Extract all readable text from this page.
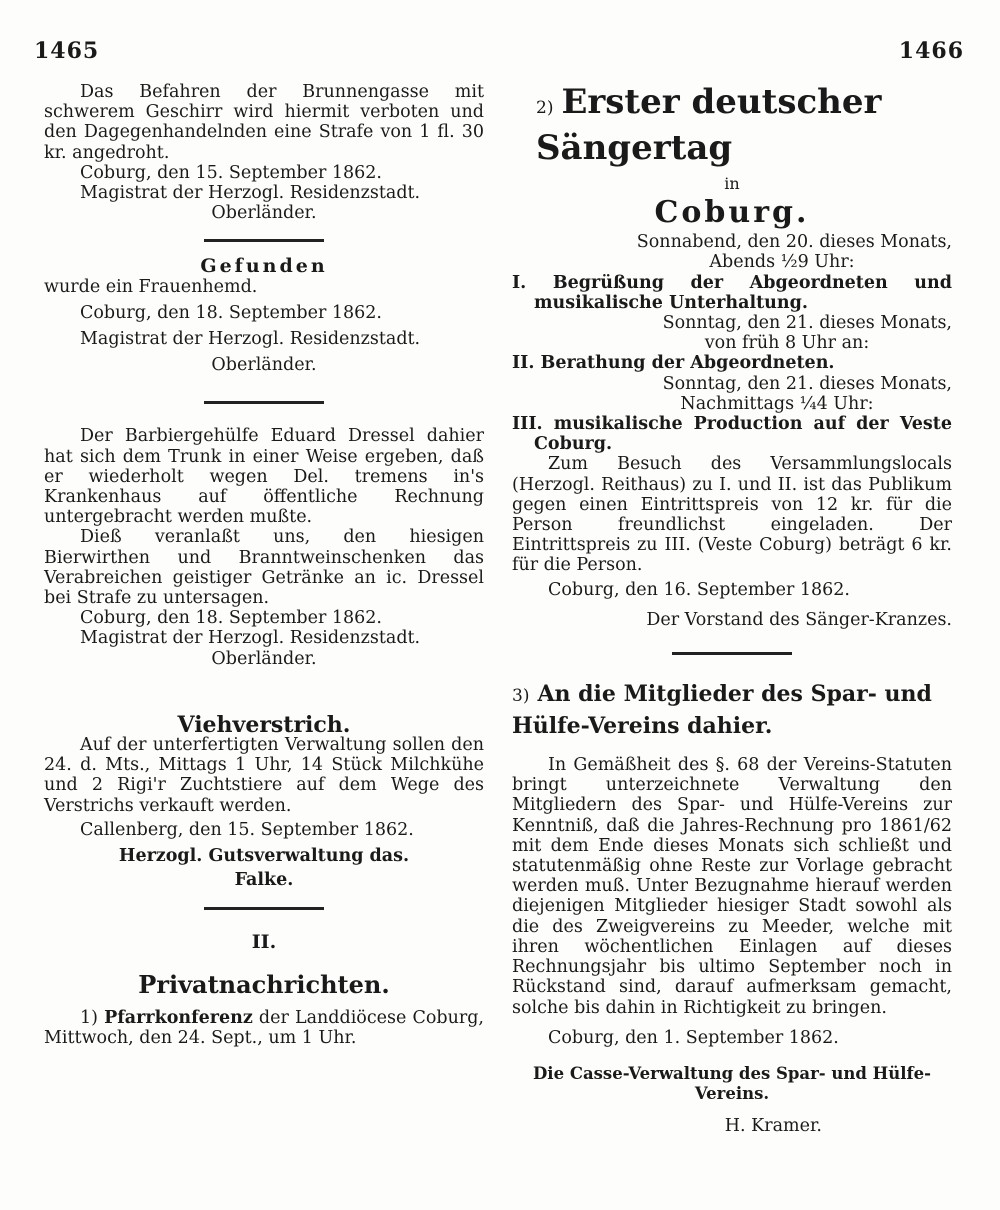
1465	1466

Das Befahren der Brunnengasse mit schwerem Geschirr wird hiermit verboten und den Dagegenhandelnden eine Strafe von 1 fl. 30 kr. angedroht.

Coburg, den 15. September 1862.

Magistrat der Herzogl. Residenzstadt.

Oberländer.

Gefunden

wurde ein Frauenhemd.

Coburg, den 18. September 1862.

Magistrat der Herzogl. Residenzstadt.

Oberländer.

Der Barbiergehülfe Eduard Dressel dahier hat sich dem Trunk in einer Weise ergeben, daß er wiederholt wegen Del. tremens in's Krankenhaus auf öffentliche Rechnung untergebracht werden mußte.

Dieß veranlaßt uns, den hiesigen Bierwirthen und Branntweinschenken das Verabreichen geistiger Getränke an ic. Dressel bei Strafe zu untersagen.

Coburg, den 18. September 1862.

Magistrat der Herzogl. Residenzstadt.

Oberländer.

Viehverstrich.

Auf der unterfertigten Verwaltung sollen den 24. d. Mts., Mittags 1 Uhr, 14 Stück Milchkühe und 2 Rigi'r Zuchtstiere auf dem Wege des Verstrichs verkauft werden.

Callenberg, den 15. September 1862.

Herzogl. Gutsverwaltung das.

Falke.

II.

Privatnachrichten.

1) Pfarrkonferenz der Landdiöcese Coburg, Mittwoch, den 24. Sept., um 1 Uhr.

2) Erster deutscher Sängertag

in

Coburg.

Sonnabend, den 20. dieses Monats,

Abends ½9 Uhr:

I. Begrüßung der Abgeordneten und musikalische Unterhaltung.

Sonntag, den 21. dieses Monats,

von früh 8 Uhr an:

II. Berathung der Abgeordneten.

Sonntag, den 21. dieses Monats,

Nachmittags ¼4 Uhr:

III. musikalische Production auf der Veste Coburg.

Zum Besuch des Versammlungslocals (Herzogl. Reithaus) zu I. und II. ist das Publikum gegen einen Eintrittspreis von 12 kr. für die Person freundlichst eingeladen. Der Eintrittspreis zu III. (Veste Coburg) beträgt 6 kr. für die Person.

Coburg, den 16. September 1862.

Der Vorstand des Sänger-Kranzes.

3) An die Mitglieder des Spar- und Hülfe-Vereins dahier.

In Gemäßheit des §. 68 der Vereins-Statuten bringt unterzeichnete Verwaltung den Mitgliedern des Spar- und Hülfe-Vereins zur Kenntniß, daß die Jahres-Rechnung pro 1861/62 mit dem Ende dieses Monats sich schließt und statutenmäßig ohne Reste zur Vorlage gebracht werden muß. Unter Bezugnahme hierauf werden diejenigen Mitglieder hiesiger Stadt sowohl als die des Zweigvereins zu Meeder, welche mit ihren wöchentlichen Einlagen auf dieses Rechnungsjahr bis ultimo September noch in Rückstand sind, darauf aufmerksam gemacht, solche bis dahin in Richtigkeit zu bringen.

Coburg, den 1. September 1862.

Die Casse-Verwaltung des Spar- und Hülfe-Vereins.

H. Kramer.
